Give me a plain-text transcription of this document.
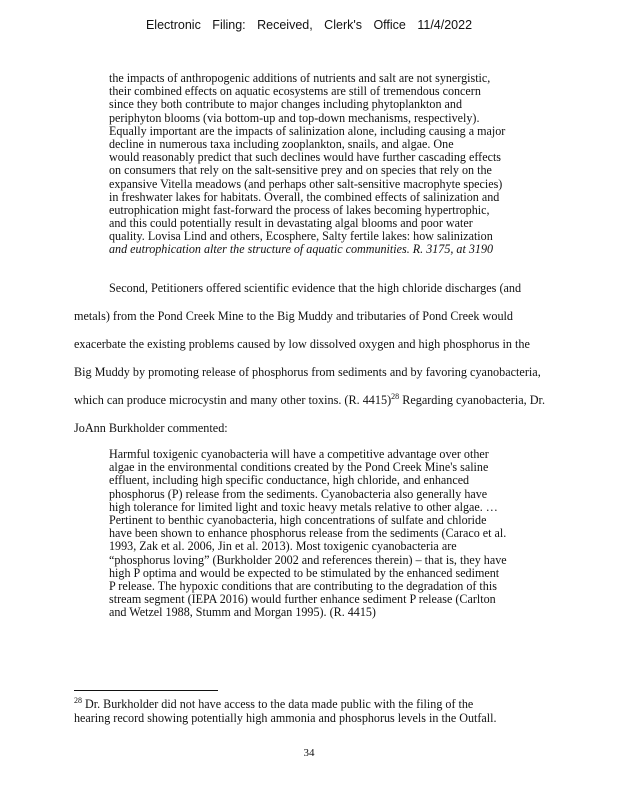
Electronic Filing: Received, Clerk's Office 11/4/2022
the impacts of anthropogenic additions of nutrients and salt are not synergistic,
their combined effects on aquatic ecosystems are still of tremendous concern
since they both contribute to major changes including phytoplankton and
periphyton blooms (via bottom-up and top-down mechanisms, respectively).
Equally important are the impacts of salinization alone, including causing a major
decline in numerous taxa including zooplankton, snails, and algae. One
would reasonably predict that such declines would have further cascading effects
on consumers that rely on the salt-sensitive prey and on species that rely on the
expansive Vitella meadows (and perhaps other salt-sensitive macrophyte species)
in freshwater lakes for habitats. Overall, the combined effects of salinization and
eutrophication might fast-forward the process of lakes becoming hypertrophic,
and this could potentially result in devastating algal blooms and poor water
quality. Lovisa Lind and others, Ecosphere, Salty fertile lakes: how salinization
and eutrophication alter the structure of aquatic communities. R. 3175, at 3190
Second, Petitioners offered scientific evidence that the high chloride discharges (and
metals) from the Pond Creek Mine to the Big Muddy and tributaries of Pond Creek would
exacerbate the existing problems caused by low dissolved oxygen and high phosphorus in the
Big Muddy by promoting release of phosphorus from sediments and by favoring cyanobacteria,
which can produce microcystin and many other toxins. (R. 4415)$^{28}$ Regarding cyanobacteria, Dr.
JoAnn Burkholder commented:
Harmful toxigenic cyanobacteria will have a competitive advantage over other
algae in the environmental conditions created by the Pond Creek Mine's saline
effluent, including high specific conductance, high chloride, and enhanced
phosphorus (P) release from the sediments. Cyanobacteria also generally have
high tolerance for limited light and toxic heavy metals relative to other algae. …
Pertinent to benthic cyanobacteria, high concentrations of sulfate and chloride
have been shown to enhance phosphorus release from the sediments (Caraco et al.
1993, Zak et al. 2006, Jin et al. 2013). Most toxigenic cyanobacteria are
“phosphorus loving” (Burkholder 2002 and references therein) – that is, they have
high P optima and would be expected to be stimulated by the enhanced sediment
P release. The hypoxic conditions that are contributing to the degradation of this
stream segment (IEPA 2016) would further enhance sediment P release (Carlton
and Wetzel 1988, Stumm and Morgan 1995). (R. 4415)
$^{28}$ Dr. Burkholder did not have access to the data made public with the filing of the
hearing record showing potentially high ammonia and phosphorus levels in the Outfall.
34
